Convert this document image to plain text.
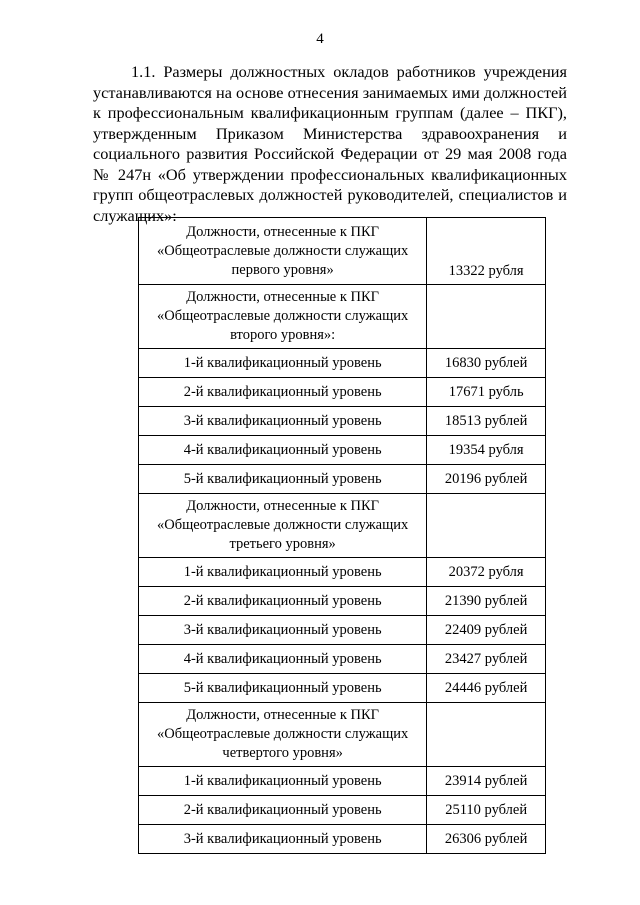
4

1.1. Размеры должностных окладов работников учреждения устанавливаются на основе отнесения занимаемых ими должностей к профессиональным квалификационным группам (далее – ПКГ), утвержденным Приказом Министерства здравоохранения и социального развития Российской Федерации от 29 мая 2008 года № 247н «Об утверждении профессиональных квалификационных групп общеотраслевых должностей руководителей, специалистов и служащих»:

Должности, отнесенные к ПКГ
«Общеотраслевые должности служащих
первого уровня»	13322 рубля

Должности, отнесенные к ПКГ
«Общеотраслевые должности служащих
второго уровня»:	

1-й квалификационный уровень	16830 рублей
2-й квалификационный уровень	17671 рубль
3-й квалификационный уровень	18513 рублей
4-й квалификационный уровень	19354 рубля
5-й квалификационный уровень	20196 рублей

Должности, отнесенные к ПКГ
«Общеотраслевые должности служащих
третьего уровня»	

1-й квалификационный уровень	20372 рубля
2-й квалификационный уровень	21390 рублей
3-й квалификационный уровень	22409 рублей
4-й квалификационный уровень	23427 рублей
5-й квалификационный уровень	24446 рублей

Должности, отнесенные к ПКГ
«Общеотраслевые должности служащих
четвертого уровня»	

1-й квалификационный уровень	23914 рублей
2-й квалификационный уровень	25110 рублей
3-й квалификационный уровень	26306 рублей
